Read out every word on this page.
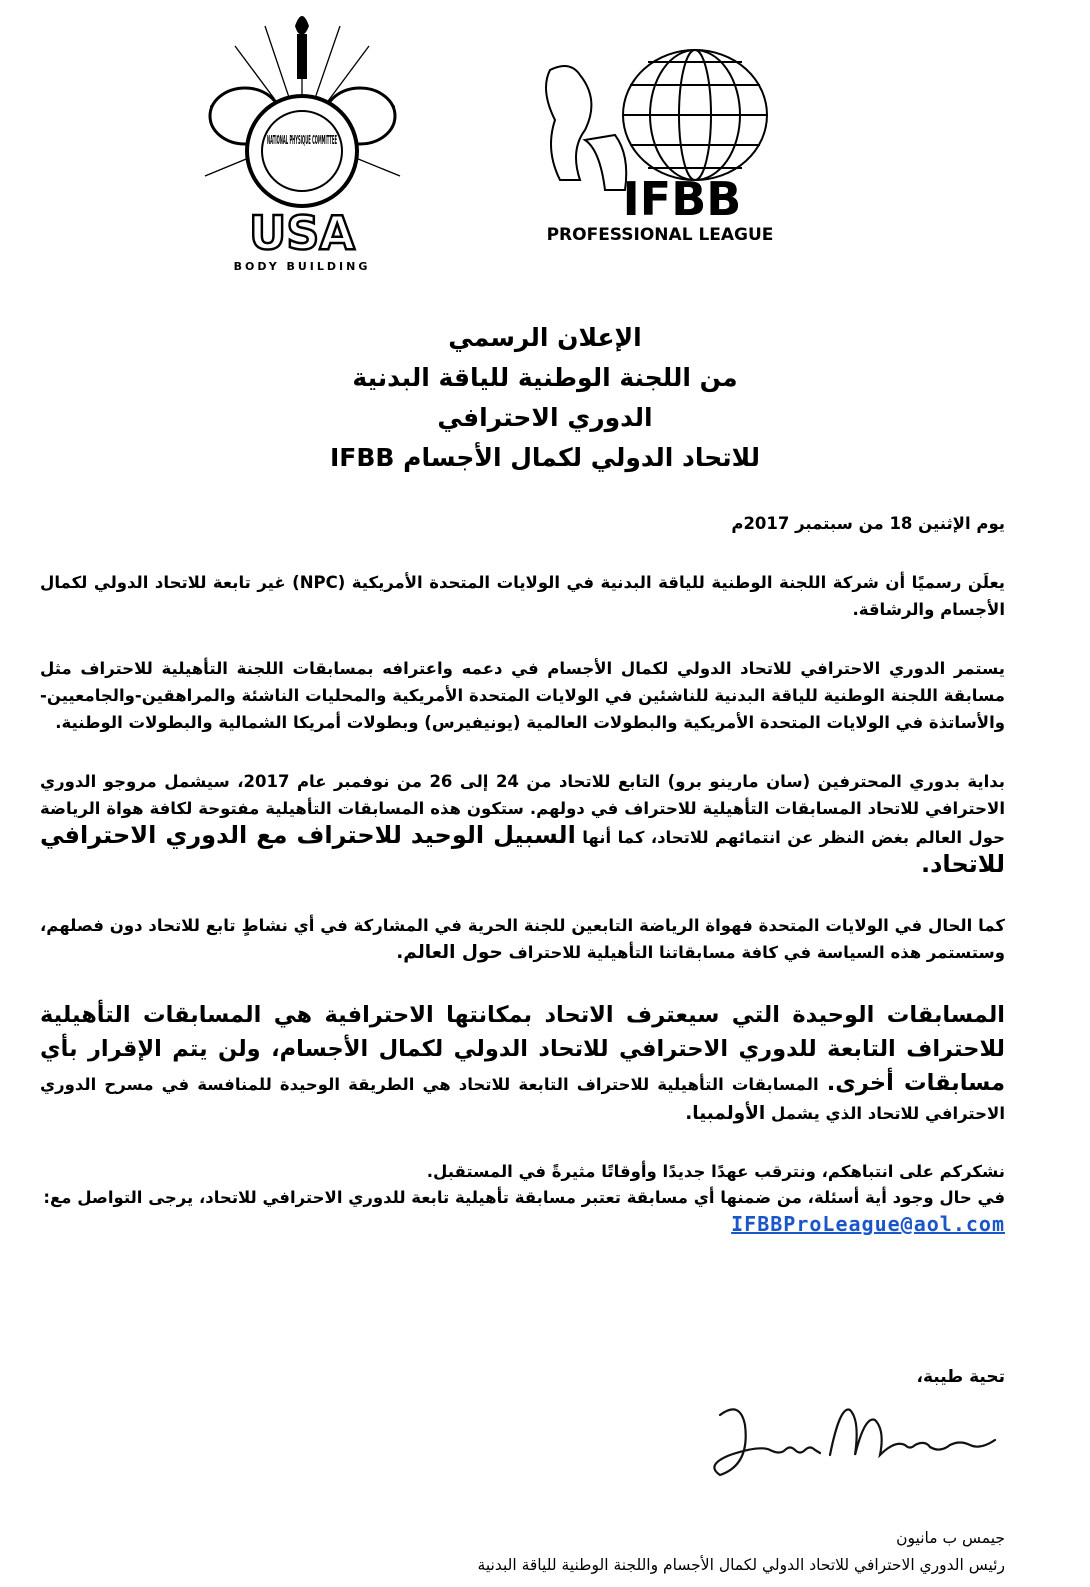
NATIONAL PHYSIQUE COMMITTEE
USA
BODY BUILDING
IFBB
PROFESSIONAL LEAGUE
الإعلان الرسمي
من اللجنة الوطنية للياقة البدنية
الدوري الاحترافي
للاتحاد الدولي لكمال الأجسام IFBB

يوم الإثنين 18 من سبتمبر 2017م

يعلَن رسميًا أن شركة اللجنة الوطنية للياقة البدنية في الولايات المتحدة الأمريكية (NPC) غير تابعة للاتحاد الدولي لكمال الأجسام والرشاقة.

يستمر الدوري الاحترافي للاتحاد الدولي لكمال الأجسام في دعمه واعترافه بمسابقات اللجنة التأهيلية للاحتراف مثل مسابقة اللجنة الوطنية للياقة البدنية للناشئين في الولايات المتحدة الأمريكية والمحليات الناشئة والمراهقين-والجامعيين-والأساتذة في الولايات المتحدة الأمريكية والبطولات العالمية (يونيفيرس) وبطولات أمريكا الشمالية والبطولات الوطنية.

بداية بدوري المحترفين (سان مارينو برو) التابع للاتحاد من 24 إلى 26 من نوفمبر عام 2017، سيشمل مروجو الدوري الاحترافي للاتحاد المسابقات التأهيلية للاحتراف في دولهم. ستكون هذه المسابقات التأهيلية مفتوحة لكافة هواة الرياضة حول العالم بغض النظر عن انتمائهم للاتحاد، كما أنها السبيل الوحيد للاحتراف مع الدوري الاحترافي للاتحاد.

كما الحال في الولايات المتحدة فهواة الرياضة التابعين للجنة الحرية في المشاركة في أي نشاطٍ تابع للاتحاد دون فصلهم، وستستمر هذه السياسة في كافة مسابقاتنا التأهيلية للاحتراف حول العالم.

المسابقات الوحيدة التي سيعترف الاتحاد بمكانتها الاحترافية هي المسابقات التأهيلية للاحتراف التابعة للدوري الاحترافي للاتحاد الدولي لكمال الأجسام، ولن يتم الإقرار بأي مسابقات أخرى. المسابقات التأهيلية للاحتراف التابعة للاتحاد هي الطريقة الوحيدة للمنافسة في مسرح الدوري الاحترافي للاتحاد الذي يشمل الأولمبيا.

نشكركم على انتباهكم، ونترقب عهدًا جديدًا وأوقاتًا مثيرةً في المستقبل.
في حال وجود أية أسئلة، من ضمنها أي مسابقة تعتبر مسابقة تأهيلية تابعة للدوري الاحترافي للاتحاد، يرجى التواصل مع:
IFBBProLeague@aol.com
تحية طيبة،
جيمس ب مانيون
رئيس الدوري الاحترافي للاتحاد الدولي لكمال الأجسام واللجنة الوطنية للياقة البدنية
